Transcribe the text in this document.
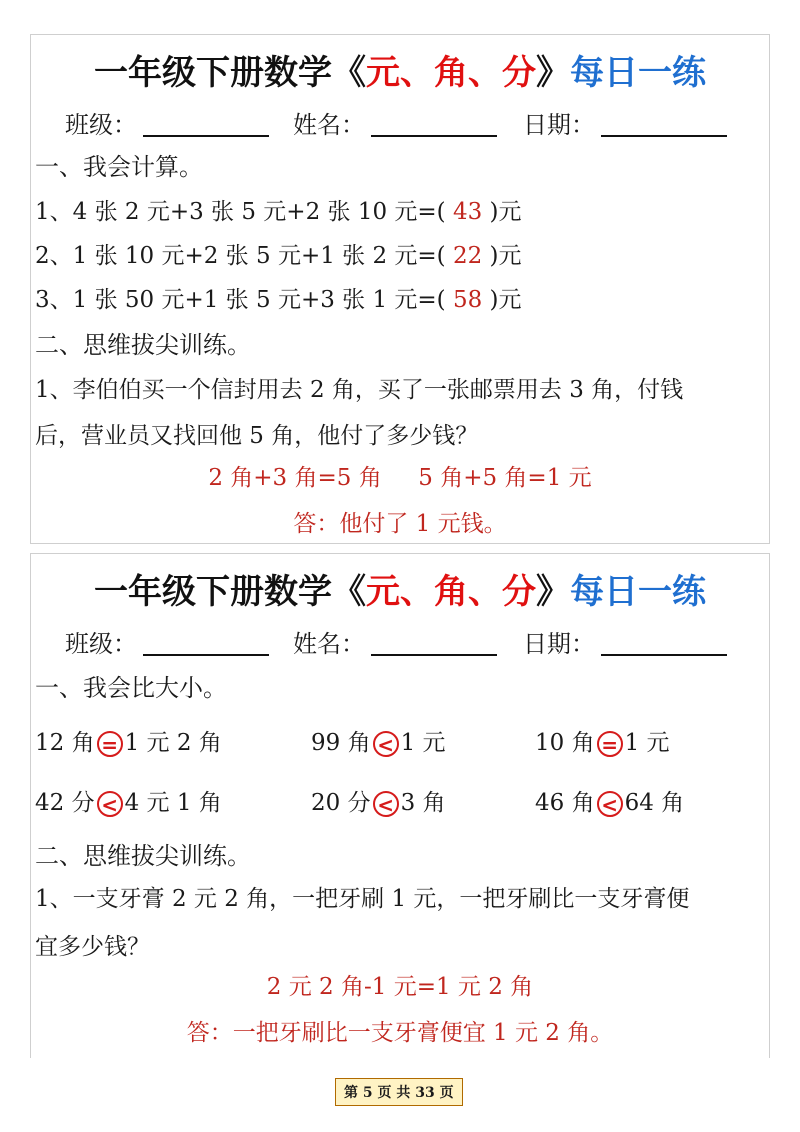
一年级下册数学《元、角、分》每日一练
班级：	姓名：	日期：
一、我会计算。
1、4 张 2 元+3 张 5 元+2 张 10 元=( 43 )元
2、1 张 10 元+2 张 5 元+1 张 2 元=( 22 )元
3、1 张 50 元+1 张 5 元+3 张 1 元=( 58 )元
二、思维拔尖训练。
1、李伯伯买一个信封用去 2 角，买了一张邮票用去 3 角，付钱
后，营业员又找回他 5 角，他付了多少钱？
2 角+3 角=5 角     5 角+5 角=1 元
答：他付了 1 元钱。
一年级下册数学《元、角、分》每日一练
班级：	姓名：	日期：
一、我会比大小。
12 角 = 1 元 2 角	99 角 < 1 元	10 角 = 1 元
42 分 < 4 元 1 角	20 分 < 3 角	46 角 < 64 角
二、思维拔尖训练。
1、一支牙膏 2 元 2 角，一把牙刷 1 元，一把牙刷比一支牙膏便
宜多少钱？
2 元 2 角-1 元=1 元 2 角
答：一把牙刷比一支牙膏便宜 1 元 2 角。
第 5 页 共 33 页
